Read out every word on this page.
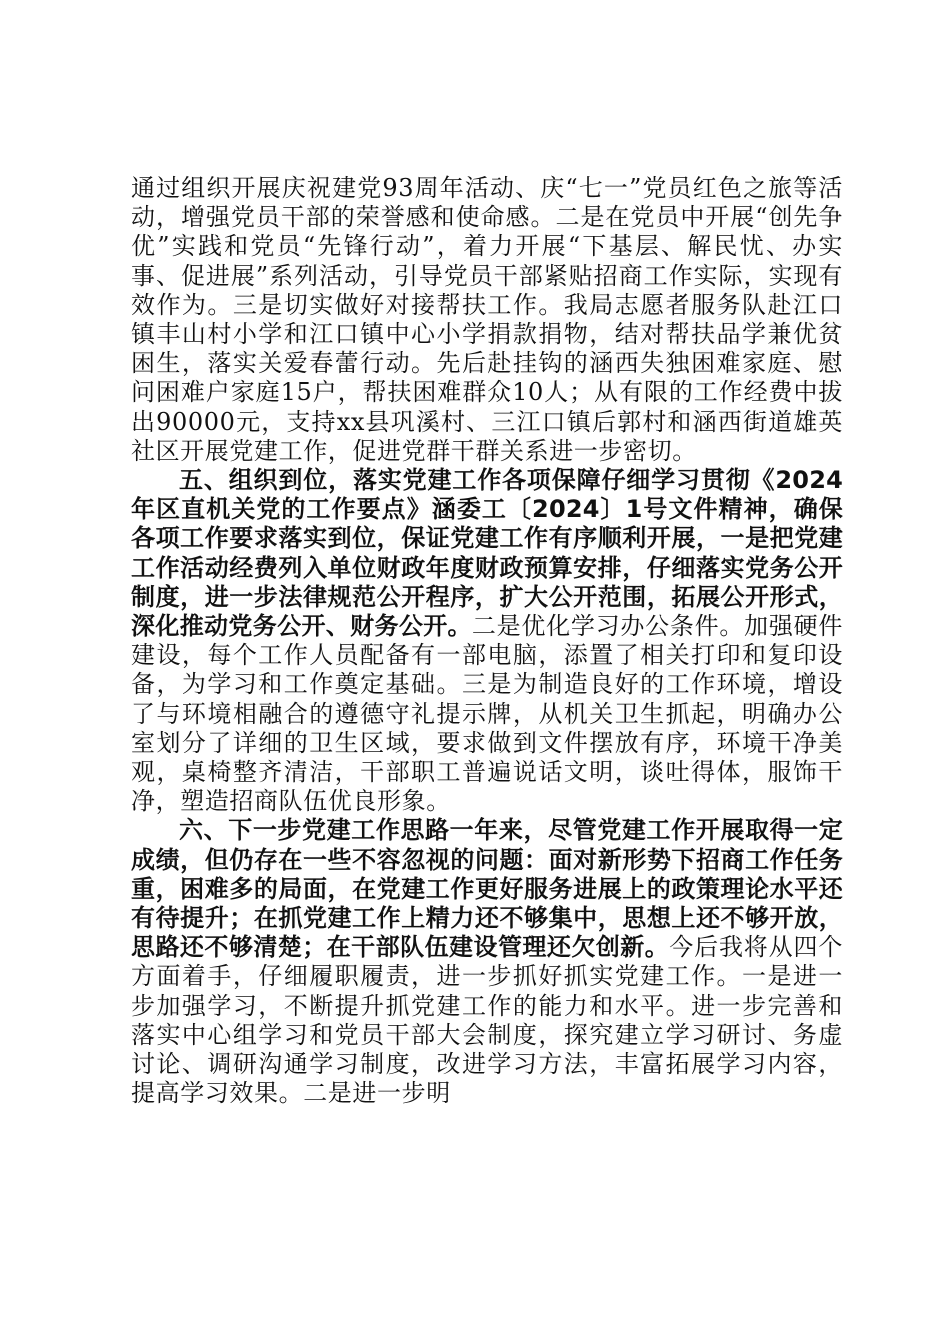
通过组织开展庆祝建党93周年活动、庆“七一”党员红色之旅等活动，增强党员干部的荣誉感和使命感。二是在党员中开展“创先争优”实践和党员“先锋行动”，着力开展“下基层、解民忧、办实事、促进展”系列活动，引导党员干部紧贴招商工作实际，实现有效作为。三是切实做好对接帮扶工作。我局志愿者服务队赴江口镇丰山村小学和江口镇中心小学捐款捐物，结对帮扶品学兼优贫困生，落实关爱春蕾行动。先后赴挂钩的涵西失独困难家庭、慰问困难户家庭15户，帮扶困难群众10人；从有限的工作经费中拔出90000元，支持xx县巩溪村、三江口镇后郭村和涵西街道雄英社区开展党建工作，促进党群干群关系进一步密切。

五、组织到位，落实党建工作各项保障仔细学习贯彻《2024年区直机关党的工作要点》涵委工〔2024〕1号文件精神，确保各项工作要求落实到位，保证党建工作有序顺利开展，一是把党建工作活动经费列入单位财政年度财政预算安排，仔细落实党务公开制度，进一步法律规范公开程序，扩大公开范围，拓展公开形式，深化推动党务公开、财务公开。二是优化学习办公条件。加强硬件建设，每个工作人员配备有一部电脑，添置了相关打印和复印设备，为学习和工作奠定基础。三是为制造良好的工作环境，增设了与环境相融合的遵德守礼提示牌，从机关卫生抓起，明确办公室划分了详细的卫生区域，要求做到文件摆放有序，环境干净美观，桌椅整齐清洁，干部职工普遍说话文明，谈吐得体，服饰干净，塑造招商队伍优良形象。

六、下一步党建工作思路一年来，尽管党建工作开展取得一定成绩，但仍存在一些不容忽视的问题：面对新形势下招商工作任务重，困难多的局面，在党建工作更好服务进展上的政策理论水平还有待提升；在抓党建工作上精力还不够集中，思想上还不够开放，思路还不够清楚；在干部队伍建设管理还欠创新。今后我将从四个方面着手，仔细履职履责，进一步抓好抓实党建工作。一是进一步加强学习，不断提升抓党建工作的能力和水平。进一步完善和落实中心组学习和党员干部大会制度，探究建立学习研讨、务虚讨论、调研沟通学习制度，改进学习方法，丰富拓展学习内容，提高学习效果。二是进一步明
